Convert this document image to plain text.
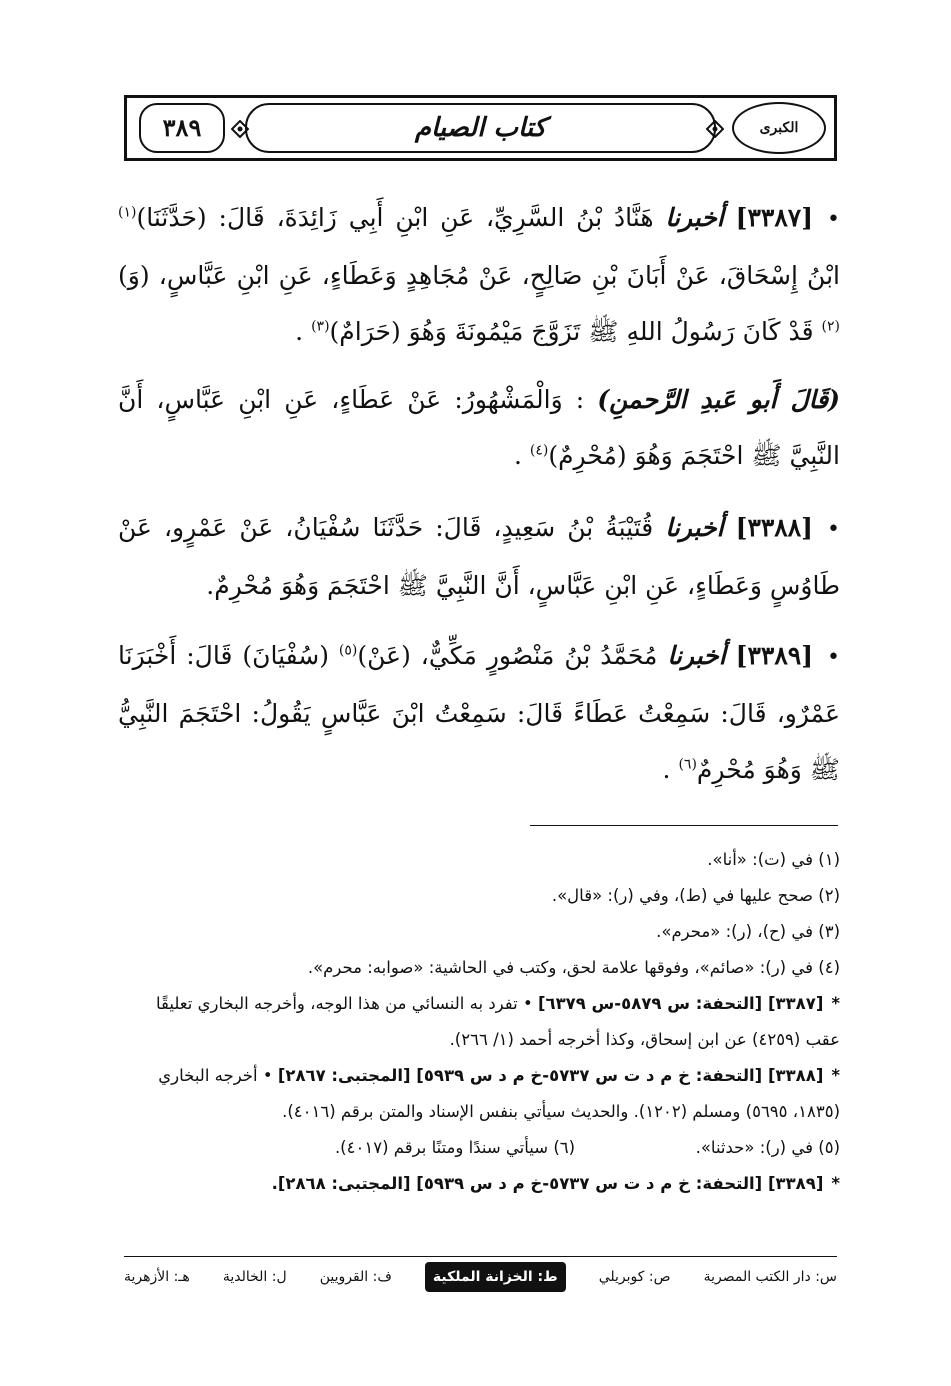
الكبرى
كتاب الصيام
٣٨٩

•[٣٣٨٧] أخبرنا هَنَّادُ بْنُ السَّرِيِّ، عَنِ ابْنِ أَبِي زَائِدَةَ، قَالَ: (حَدَّثَنَا)$^{(١)}$ ابْنُ إِسْحَاقَ، عَنْ أَبَانَ بْنِ صَالِحٍ، عَنْ مُجَاهِدٍ وَعَطَاءٍ، عَنِ ابْنِ عَبَّاسٍ، (وَ)$^{(٢)}$ قَدْ كَانَ رَسُولُ اللهِ ﷺ تَزَوَّجَ مَيْمُونَةَ وَهُوَ (حَرَامٌ)$^{(٣)}$ .

(قَالَ أَبو عَبدِ الرَّحمنِ) : وَالْمَشْهُورُ: عَنْ عَطَاءٍ، عَنِ ابْنِ عَبَّاسٍ، أَنَّ النَّبِيَّ ﷺ احْتَجَمَ وَهُوَ (مُحْرِمٌ)$^{(٤)}$ .

•[٣٣٨٨] أخبرنا قُتَيْبَةُ بْنُ سَعِيدٍ، قَالَ: حَدَّثَنَا سُفْيَانُ، عَنْ عَمْرٍو، عَنْ طَاوُسٍ وَعَطَاءٍ، عَنِ ابْنِ عَبَّاسٍ، أَنَّ النَّبِيَّ ﷺ احْتَجَمَ وَهُوَ مُحْرِمٌ.

•[٣٣٨٩] أخبرنا مُحَمَّدُ بْنُ مَنْصُورٍ مَكِّيٌّ، (عَنْ)$^{(٥)}$ (سُفْيَانَ) قَالَ: أَخْبَرَنَا عَمْرٌو، قَالَ: سَمِعْتُ عَطَاءً قَالَ: سَمِعْتُ ابْنَ عَبَّاسٍ يَقُولُ: احْتَجَمَ النَّبِيُّ ﷺ وَهُوَ مُحْرِمٌ$^{(٦)}$ .

(١) في (ت): «أنا».

(٢) صحح عليها في (ط)، وفي (ر): «قال».

(٣) في (ح)، (ر): «محرم».

(٤) في (ر): «صائم»، وفوقها علامة لحق، وكتب في الحاشية: «صوابه: محرم».

*[٣٣٨٧] [التحفة: س ٥٨٧٩-س ٦٣٧٩] • تفرد به النسائي من هذا الوجه، وأخرجه البخاري تعليقًا عقب (٤٢٥٩) عن ابن إسحاق، وكذا أخرجه أحمد (١/ ٢٦٦).

*[٣٣٨٨] [التحفة: خ م د ت س ٥٧٣٧-خ م د س ٥٩٣٩] [المجتبى: ٢٨٦٧] • أخرجه البخاري (١٨٣٥، ٥٦٩٥) ومسلم (١٢٠٢). والحديث سيأتي بنفس الإسناد والمتن برقم (٤٠١٦).

(٥) في (ر): «حدثنا».  (٦) سيأتي سندًا ومتنًا برقم (٤٠١٧).

*[٣٣٨٩] [التحفة: خ م د ت س ٥٧٣٧-خ م د س ٥٩٣٩] [المجتبى: ٢٨٦٨].

س: دار الكتب المصرية
ص: كوبريلي
ط: الخزانة الملكية
ف: القرويين
ل: الخالدية
هـ: الأزهرية
